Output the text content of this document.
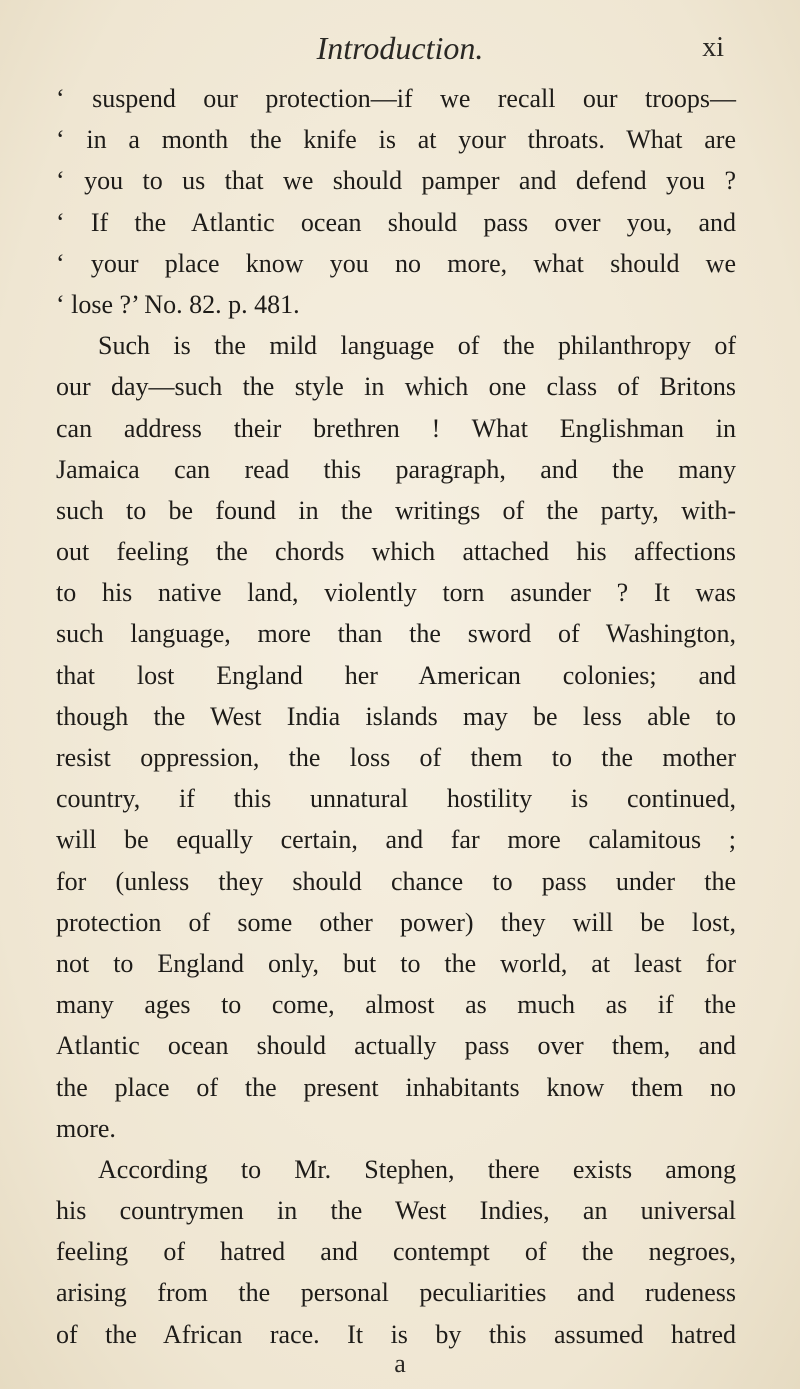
Introduction.	xi
‘ suspend our protection—if we recall our troops—
‘ in a month the knife is at your throats. What are
‘ you to us that we should pamper and defend you ?
‘ If the Atlantic ocean should pass over you, and
‘ your place know you no more, what should we
‘ lose ?’ No. 82. p. 481.
Such is the mild language of the philanthropy of
our day—such the style in which one class of Britons
can address their brethren ! What Englishman in
Jamaica can read this paragraph, and the many
such to be found in the writings of the party, with-
out feeling the chords which attached his affections
to his native land, violently torn asunder ? It was
such language, more than the sword of Washington,
that lost England her American colonies; and
though the West India islands may be less able to
resist oppression, the loss of them to the mother
country, if this unnatural hostility is continued,
will be equally certain, and far more calamitous ;
for (unless they should chance to pass under the
protection of some other power) they will be lost,
not to England only, but to the world, at least for
many ages to come, almost as much as if the
Atlantic ocean should actually pass over them, and
the place of the present inhabitants know them no
more.
According to Mr. Stephen, there exists among
his countrymen in the West Indies, an universal
feeling of hatred and contempt of the negroes,
arising from the personal peculiarities and rudeness
of the African race. It is by this assumed hatred
a
